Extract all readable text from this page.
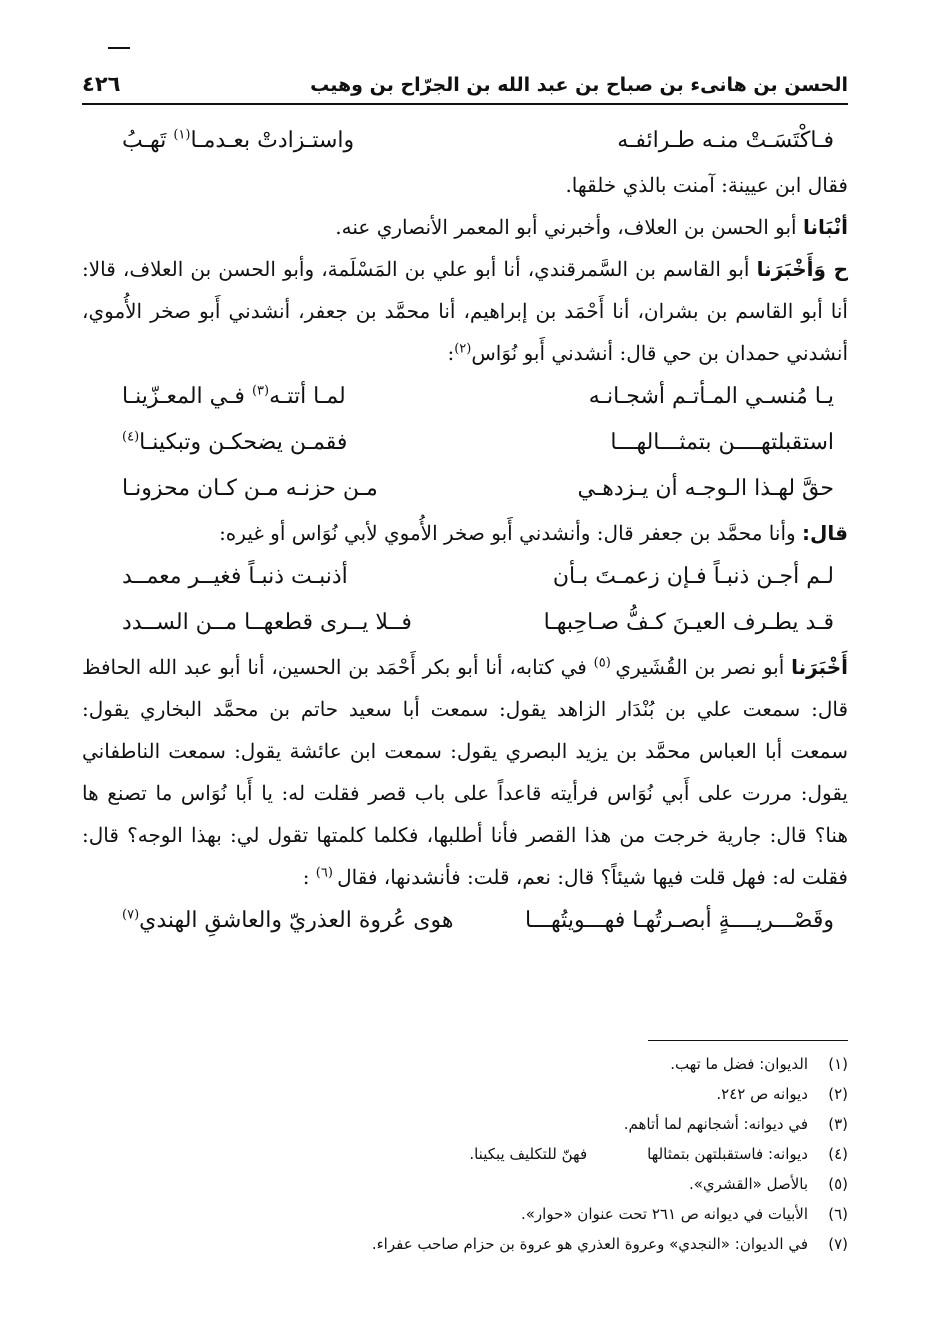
الحسن بن هانىء بن صباح بن عبد الله بن الجرّاح بن وهيب
٤٢٦
فـاكْتَسَـتْ منـه طـرائفـه
واستـزادتْ بعـدمـا$^{(١)}$ تَهـبُ

فقال ابن عيينة: آمنت بالذي خلقها.

أنْبَانا أبو الحسن بن العلاف، وأخبرني أبو المعمر الأنصاري عنه.

ح وَأَخْبَرَنا أبو القاسم بن السَّمرقندي، أنا أبو علي بن المَسْلَمة، وأبو الحسن بن العلاف، قالا: أنا أبو القاسم بن بشران، أنا أَحْمَد بن إبراهيم، أنا محمَّد بن جعفر، أنشدني أَبو صخر الأُموي، أنشدني حمدان بن حي قال: أنشدني أَبو نُوَاس$^{(٢)}$:

يـا مُنسـي المـأتـم أشجـانـه
لمـا أتتـه$^{(٣)}$ فـي المعـزّينـا
استقبلتهــــن بتمثـــالهـــا
فقمـن يضحكـن وتبكينـا$^{(٤)}$
حقَّ لهـذا الـوجـه أن يـزدهـي
مـن حزنـه مـن كـان محزونـا

قال: وأنا محمَّد بن جعفر قال: وأنشدني أَبو صخر الأُموي لأبي نُوَاس أو غيره:

لـم أجـن ذنبـاً فـإن زعمـتَ بـأن
أذنبـت ذنبـاً فغيــر معمــد
قـد يطـرف العيـنَ كـفُّ صـاحِبهـا
فــلا يــرى قطعهــا مــن الســدد

أَخْبَرَنا أبو نصر بن القُشَيري $^{(٥)}$ في كتابه، أنا أبو بكر أَحْمَد بن الحسين، أنا أبو عبد الله الحافظ قال: سمعت علي بن بُنْدَار الزاهد يقول: سمعت أبا سعيد حاتم بن محمَّد البخاري يقول: سمعت أبا العباس محمَّد بن يزيد البصري يقول: سمعت ابن عائشة يقول: سمعت الناطفاني يقول: مررت على أَبي نُوَاس فرأيته قاعداً على باب قصر فقلت له: يا أَبا نُوَاس ما تصنع ها هنا؟ قال: جارية خرجت من هذا القصر فأنا أطلبها، فكلما كلمتها تقول لي: بهذا الوجه؟ قال: فقلت له: فهل قلت فيها شيئاً؟ قال: نعم، قلت: فأنشدنها، فقال $^{(٦)}$ :

وقَصْـــريــــةٍ أبصـرتُهـا فهـــويتُهـــا
هوى عُروة العذريّ والعاشقِ الهندي$^{(٧)}$
(١)
الديوان: فضل ما تهب.
(٢)
ديوانه ص ٢٤٢.
(٣)
في ديوانه: أشجانهم لما أتاهم.
(٤)
ديوانه: فاستقبلتهن بتمثالهافهنّ للتكليف يبكينا.
(٥)
بالأصل «القشري».
(٦)
الأبيات في ديوانه ص ٢٦١ تحت عنوان «حوار».
(٧)
في الديوان: «النجدي» وعروة العذري هو عروة بن حزام صاحب عفراء.
